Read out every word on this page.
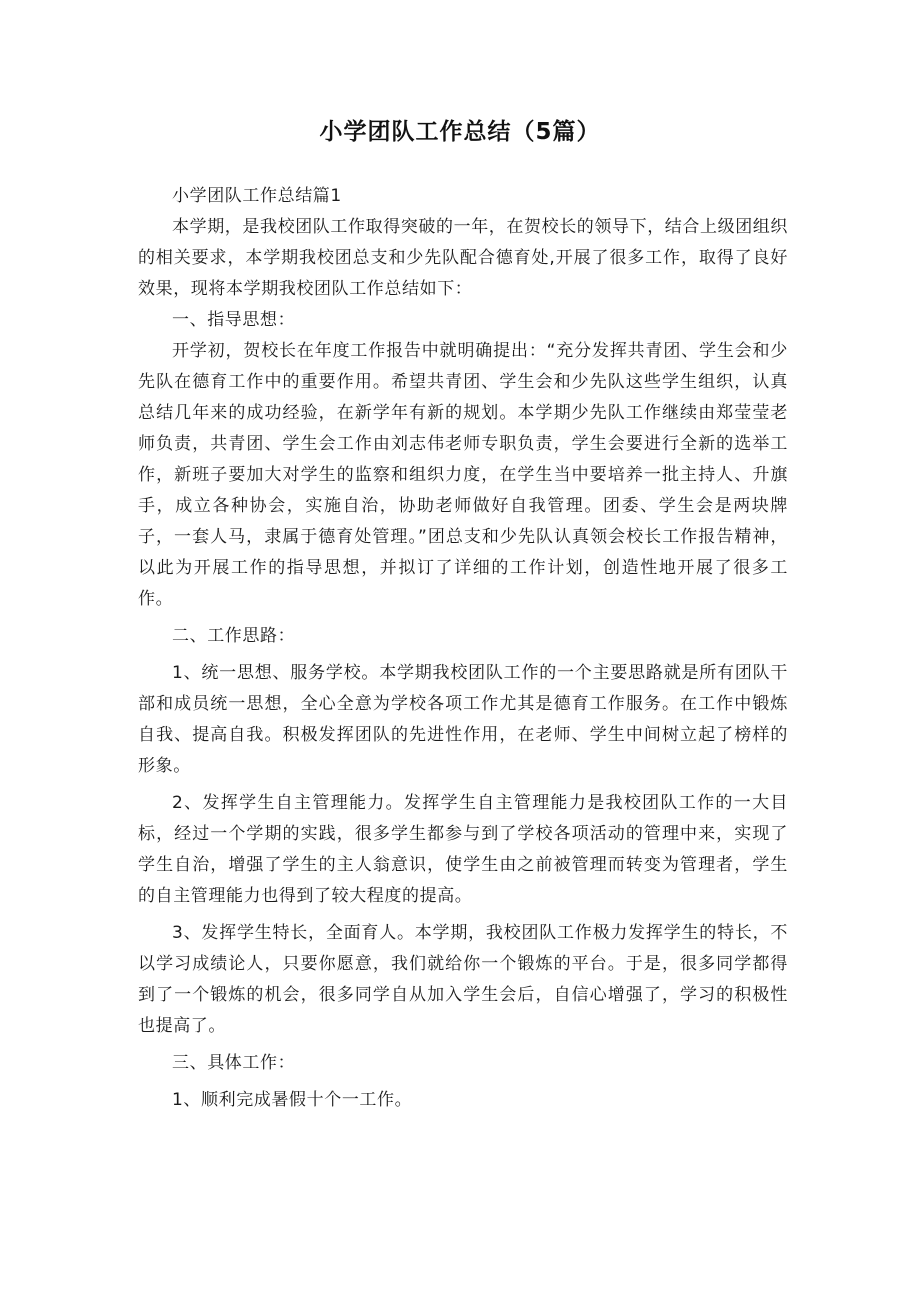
小学团队工作总结（5篇）

小学团队工作总结篇1

本学期，是我校团队工作取得突破的一年，在贺校长的领导下，结合上级团组织的相关要求，本学期我校团总支和少先队配合德育处,开展了很多工作，取得了良好效果，现将本学期我校团队工作总结如下：

一、指导思想：

开学初，贺校长在年度工作报告中就明确提出：“充分发挥共青团、学生会和少先队在德育工作中的重要作用。希望共青团、学生会和少先队这些学生组织，认真总结几年来的成功经验，在新学年有新的规划。本学期少先队工作继续由郑莹莹老师负责，共青团、学生会工作由刘志伟老师专职负责，学生会要进行全新的选举工作，新班子要加大对学生的监察和组织力度，在学生当中要培养一批主持人、升旗手，成立各种协会，实施自治，协助老师做好自我管理。团委、学生会是两块牌子，一套人马，隶属于德育处管理。”团总支和少先队认真领会校长工作报告精神，以此为开展工作的指导思想，并拟订了详细的工作计划，创造性地开展了很多工作。

二、工作思路：

1、统一思想、服务学校。本学期我校团队工作的一个主要思路就是所有团队干部和成员统一思想，全心全意为学校各项工作尤其是德育工作服务。在工作中锻炼自我、提高自我。积极发挥团队的先进性作用，在老师、学生中间树立起了榜样的形象。

2、发挥学生自主管理能力。发挥学生自主管理能力是我校团队工作的一大目标，经过一个学期的实践，很多学生都参与到了学校各项活动的管理中来，实现了学生自治，增强了学生的主人翁意识，使学生由之前被管理而转变为管理者，学生的自主管理能力也得到了较大程度的提高。

3、发挥学生特长，全面育人。本学期，我校团队工作极力发挥学生的特长，不以学习成绩论人，只要你愿意，我们就给你一个锻炼的平台。于是，很多同学都得到了一个锻炼的机会，很多同学自从加入学生会后，自信心增强了，学习的积极性也提高了。

三、具体工作：

1、顺利完成暑假十个一工作。
